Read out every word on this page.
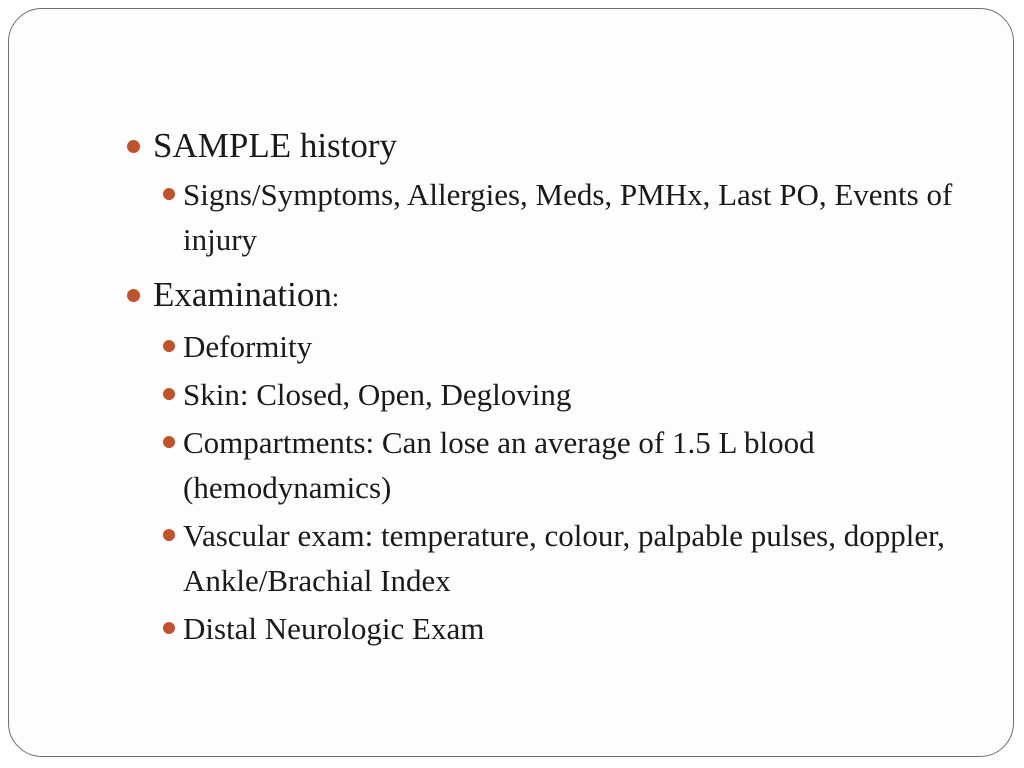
SAMPLE history
Signs/Symptoms, Allergies, Meds, PMHx, Last PO, Events of injury
Examination:
Deformity
Skin: Closed, Open, Degloving
Compartments: Can lose an average of 1.5 L blood (hemodynamics)
Vascular exam: temperature, colour, palpable pulses, doppler, Ankle/Brachial Index
Distal Neurologic Exam
